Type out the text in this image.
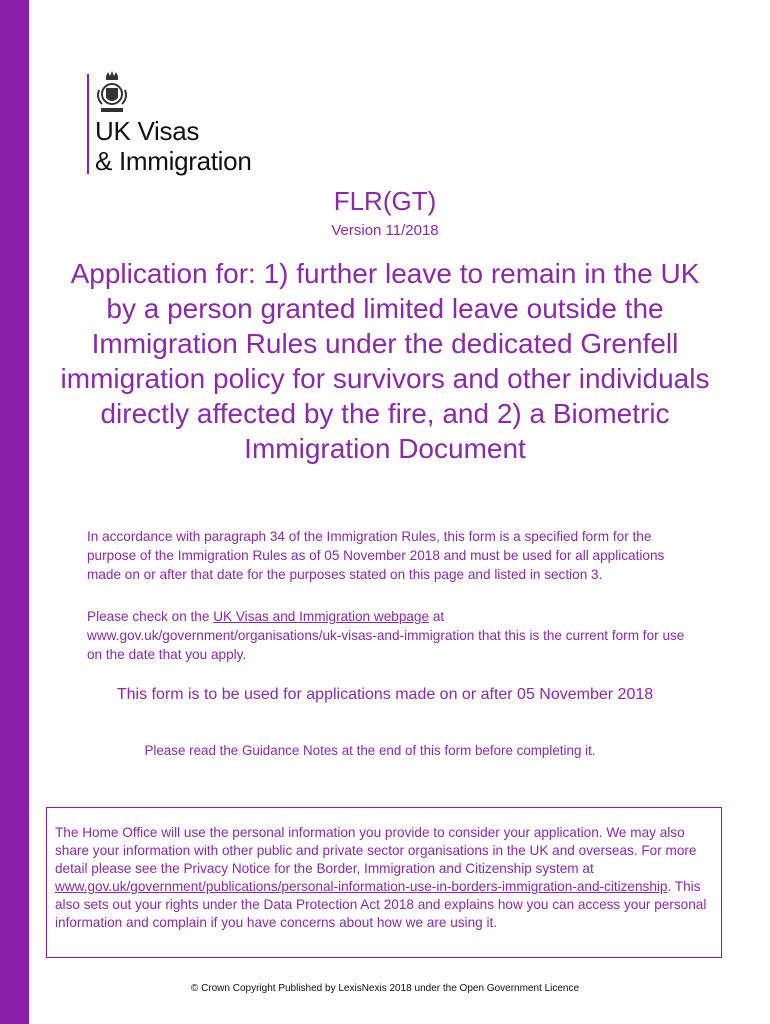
UK Visas
& Immigration
FLR(GT)
Version 11/2018
Application for: 1) further leave to remain in the UK by a person granted limited leave outside the Immigration Rules under the dedicated Grenfell immigration policy for survivors and other individuals directly affected by the fire, and 2) a Biometric Immigration Document
In accordance with paragraph 34 of the Immigration Rules, this form is a specified form for the purpose of the Immigration Rules as of 05 November 2018 and must be used for all applications made on or after that date for the purposes stated on this page and listed in section 3.
Please check on the UK Visas and Immigration webpage at www.gov.uk/government/organisations/uk-visas-and-immigration that this is the current form for use on the date that you apply.
This form is to be used for applications made on or after 05 November 2018
Please read the Guidance Notes at the end of this form before completing it.
The Home Office will use the personal information you provide to consider your application. We may also share your information with other public and private sector organisations in the UK and overseas. For more detail please see the Privacy Notice for the Border, Immigration and Citizenship system at www.gov.uk/government/publications/personal-information-use-in-borders-immigration-and-citizenship. This also sets out your rights under the Data Protection Act 2018 and explains how you can access your personal information and complain if you have concerns about how we are using it.
© Crown Copyright Published by LexisNexis 2018 under the Open Government Licence
